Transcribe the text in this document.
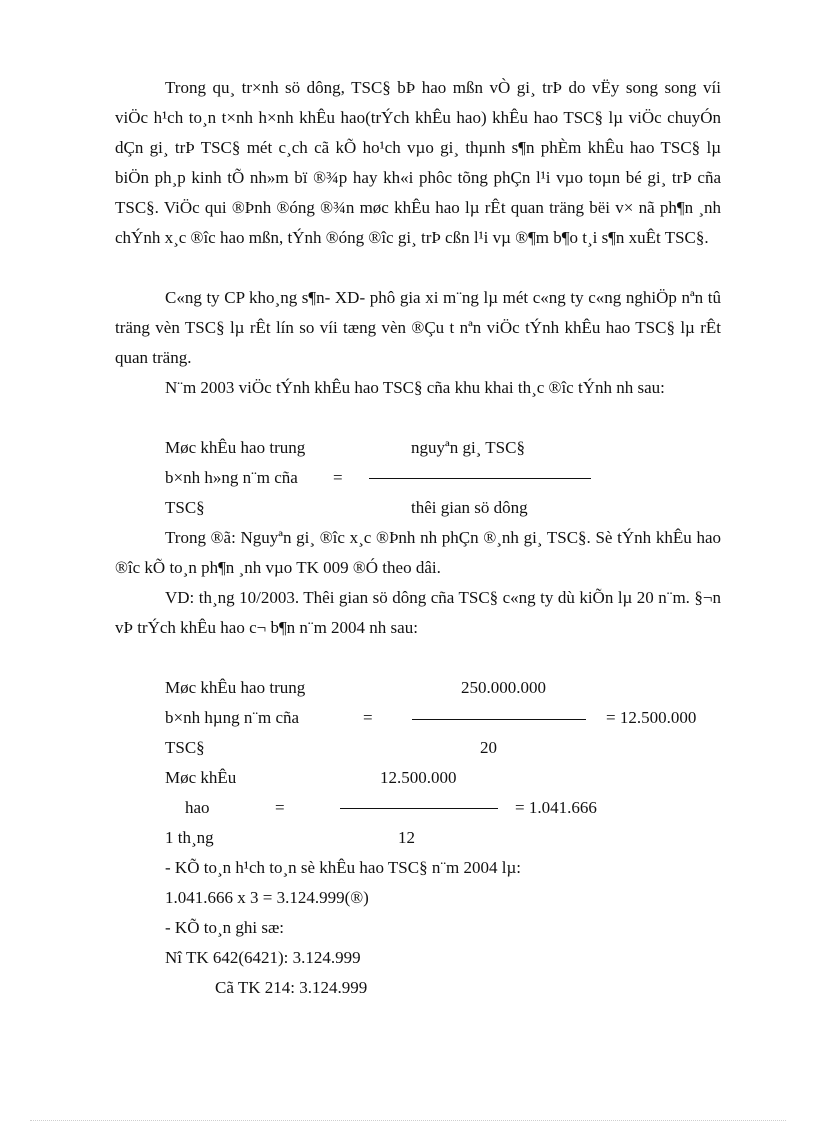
Trong qu¸ tr×nh sö dông, TSC§ bÞ hao mßn vÒ gi¸ trÞ do vËy song song víi viÖc h¹ch to¸n t×nh h×nh khÊu hao(trÝch khÊu hao) khÊu hao TSC§ lµ viÖc chuyÓn dÇn gi¸ trÞ TSC§ mét c¸ch cã kÕ ho¹ch vµo gi¸ thµnh s¶n phÈm khÊu hao TSC§ lµ biÖn ph¸p kinh tÕ nh»m bï ®¾p hay kh«i phôc tõng phÇn l¹i vµo toµn bé gi¸ trÞ cña TSC§. ViÖc qui ®Þnh ®óng ®¾n møc khÊu hao lµ rÊt quan träng bëi v× nã ph¶n ¸nh chÝnh x¸c ®îc hao mßn, tÝnh ®óng ®îc gi¸ trÞ cßn l¹i vµ ®¶m b¶o t¸i s¶n xuÊt TSC§.

C«ng ty CP kho¸ng s¶n- XD- phô gia xi m¨ng lµ mét c«ng ty c«ng nghiÖp nªn tû träng vèn TSC§ lµ rÊt lín so víi tæng vèn ®Çu t nªn viÖc tÝnh khÊu hao TSC§ lµ rÊt quan träng.

N¨m 2003 viÖc tÝnh khÊu hao TSC§ cña khu khai th¸c ®îc tÝnh nh sau:

Møc khÊu hao trung

b×nh h»ng n¨m cña

TSC§

=

nguyªn gi¸ TSC§

thêi gian sö dông

Trong ®ã: Nguyªn gi¸ ®îc x¸c ®Þnh nh phÇn ®¸nh gi¸ TSC§. Sè tÝnh khÊu hao ®îc kÕ to¸n ph¶n ¸nh vµo TK 009 ®Ó theo dâi.

VD: th¸ng 10/2003. Thêi gian sö dông cña TSC§ c«ng ty dù kiÕn lµ 20 n¨m. §¬n vÞ trÝch khÊu hao c¬ b¶n n¨m 2004 nh sau:

Møc khÊu hao trung

b×nh hµng n¨m cña

TSC§

=

250.000.000

20

= 12.500.000

Møc khÊu

hao

1 th¸ng

=

12.500.000

12

= 1.041.666

- KÕ to¸n h¹ch to¸n sè khÊu hao TSC§ n¨m 2004 lµ:

1.041.666 x 3 = 3.124.999(®)

- KÕ to¸n ghi sæ:

Nî TK 642(6421): 3.124.999

Cã TK 214: 3.124.999
